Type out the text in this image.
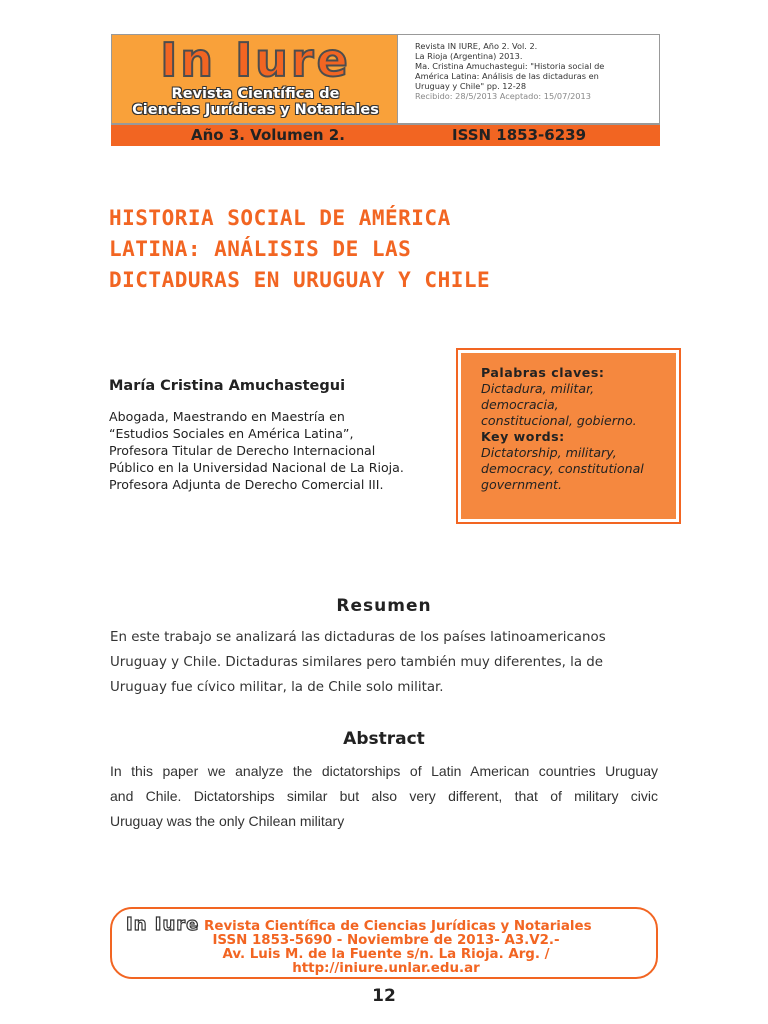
In Iure
Revista Científica de
Ciencias Jurídicas y Notariales
Revista IN IURE, Año 2. Vol. 2.
La Rioja (Argentina) 2013.
Ma. Cristina Amuchastegui: "Historia social de
América Latina: Análisis de las dictaduras en
Uruguay y Chile" pp. 12-28
Recibido: 28/5/2013 Aceptado: 15/07/2013
Año 3. Volumen 2.	ISSN 1853-6239
HISTORIA SOCIAL DE AMÉRICA
LATINA: ANÁLISIS DE LAS
DICTADURAS EN URUGUAY Y CHILE
María Cristina Amuchastegui
Abogada, Maestrando en Maestría en
“Estudios Sociales en América Latina”,
Profesora Titular de Derecho Internacional
Público en la Universidad Nacional de La Rioja.
Profesora Adjunta de Derecho Comercial III.
Palabras claves:
Dictadura, militar,
democracia,
constitucional, gobierno.
Key words:
Dictatorship, military,
democracy, constitutional
government.
Resumen
En este trabajo se analizará las dictaduras de los países latinoamericanos
Uruguay y Chile. Dictaduras similares pero también muy diferentes, la de
Uruguay fue cívico militar, la de Chile solo militar.
Abstract
In this paper we analyze the dictatorships of Latin American countries Uruguay
and Chile. Dictatorships similar but also very different, that of military civic
Uruguay was the only Chilean military
In Iure Revista Científica de Ciencias Jurídicas y Notariales
ISSN 1853-5690 - Noviembre de 2013- A3.V2.-
Av. Luis M. de la Fuente s/n. La Rioja. Arg. /
http://iniure.unlar.edu.ar
12
